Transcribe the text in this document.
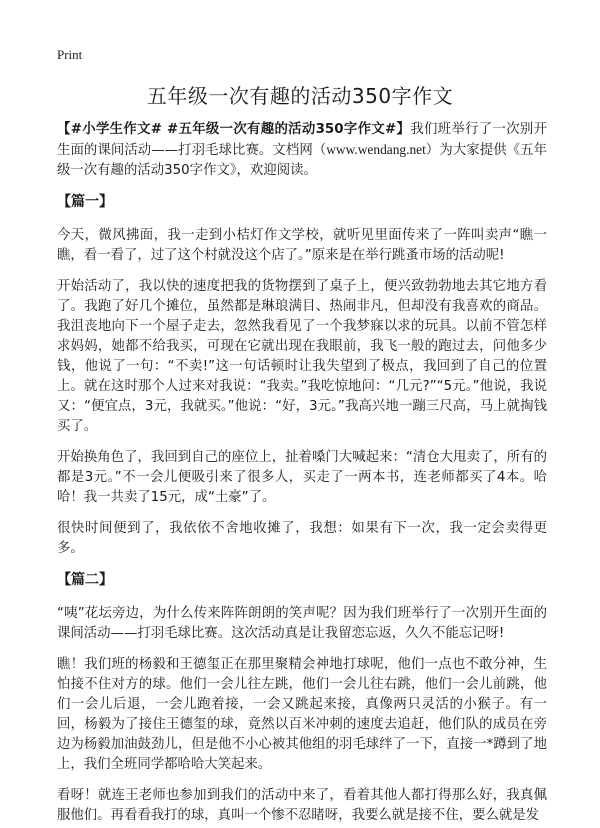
Print
五年级一次有趣的活动350字作文

【#小学生作文# #五年级一次有趣的活动350字作文#】我们班举行了一次别开生面的课间活动——打羽毛球比赛。文档网（www.wendang.net）为大家提供《五年级一次有趣的活动350字作文》，欢迎阅读。

【篇一】

今天，微风拂面，我一走到小桔灯作文学校，就听见里面传来了一阵叫卖声“瞧一瞧，看一看了，过了这个村就没这个店了。”原来是在举行跳蚤市场的活动呢!

开始活动了，我以快的速度把我的货物摆到了桌子上，便兴致勃勃地去其它地方看了。我跑了好几个摊位，虽然都是琳琅满目、热闹非凡，但却没有我喜欢的商品。我沮丧地向下一个屋子走去，忽然我看见了一个我梦寐以求的玩具。以前不管怎样求妈妈，她都不给我买，可现在它就出现在我眼前，我飞一般的跑过去，问他多少钱，他说了一句：“不卖!”这一句话顿时让我失望到了极点，我回到了自己的位置上。就在这时那个人过来对我说：“我卖。”我吃惊地问：“几元?”“5元。”他说，我说又：“便宜点，3元，我就买。”他说：“好，3元。”我高兴地一蹦三尺高，马上就掏钱买了。

开始换角色了，我回到自己的座位上，扯着嗓门大喊起来：“清仓大甩卖了，所有的都是3元。”不一会儿便吸引来了很多人，买走了一两本书，连老师都买了4本。哈哈！我一共卖了15元，成“土豪”了。

很快时间便到了，我依依不舍地收摊了，我想：如果有下一次，我一定会卖得更多。

【篇二】

“咦”花坛旁边，为什么传来阵阵朗朗的笑声呢？因为我们班举行了一次别开生面的课间活动——打羽毛球比赛。这次活动真是让我留恋忘返，久久不能忘记呀!

瞧！我们班的杨毅和王德玺正在那里聚精会神地打球呢，他们一点也不敢分神，生怕接不住对方的球。他们一会儿往左跳，他们一会儿往右跳，他们一会儿前跳，他们一会儿后退，一会儿跑着接，一会又跳起来接，真像两只灵活的小猴子。有一回，杨毅为了接住王德玺的球，竟然以百米冲刺的速度去追赶，他们队的成员在旁边为杨毅加油鼓劲儿，但是他不小心被其他组的羽毛球绊了一下，直接一*蹲到了地上，我们全班同学都哈哈大笑起来。

看呀！就连王老师也参加到我们的活动中来了，看着其他人都打得那么好，我真佩服他们。再看看我打的球，真叫一个惨不忍睹呀，我要么就是接不住，要么就是发
